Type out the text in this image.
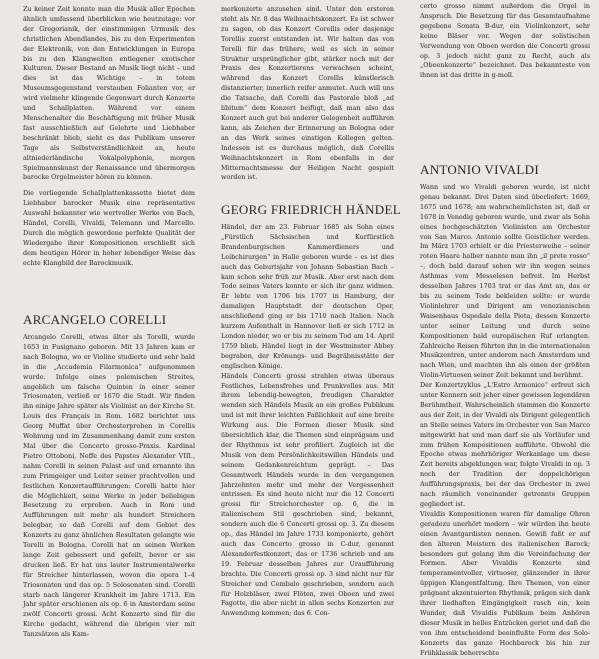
Zu keiner Zeit konnte man die Musik aller Epochen ähnlich umfassend überblicken wie heutzutage: vor der Gregorianik, der einstimmigen Urmusik des christlichen Abendlandes, bis zu den Experimenten der Elektronik, von den Entwicklungen in Europa bis zu den Klangwelten entlegener exotischer Kulturen. Dieser Bestand an Musik liegt nicht – und dies ist das Wichtige – in totem Museumsgegenstand verstauben Folianten vor, er wird vielmehr klingende Gegenwart durch Konzerte und Schallplatten. Während vor einem Menschenalter die Beschäftigung mit früher Musik fast ausschließlich auf Gelehrte und Liebhaber beschränkt blieb, sieht es das Publikum unserer Tage als Selbstverständlichkeit an, heute altniederländische Vokalpolyphonie, morgen Spielmannskunst der Renaissance und übermorgen barocke Orgelmeister hören zu können.

Die vorliegende Schallplattenkassette bietet dem Liebhaber barocker Musik eine repräsentative Auswahl bekannter wie wertvoller Werke von Bach, Händel, Corelli, Vivaldi, Telemann und Marcello. Durch die möglich gewordene perfekte Qualität der Wiedergabe ihrer Kompositionen erschließt sich dem heutigen Hörer in hoher lebendiger Weise das echte Klangbild der Barockmusik.

ARCANGELO CORELLI

Arcangelo Corelli, etwas älter als Torelli, wurde 1653 in Fusignano geboren. Mit 13 Jahren kam er nach Bologna, wo er Violine studierte und sehr bald in die „Accademia Filarmonica“ aufgenommen wurde. Infolge eines polemischen Streites, angeblich um falsche Quinten in einer seiner Triosonaten, verließ er 1670 die Stadt. Wir finden ihn einige Jahre später als Violinist an der Kirche St. Louis des Français in Rom. 1682 berichtet uns Georg Muffat über Orchesterproben in Corellis Wohnung und im Zusammenhang damit zum ersten Mal über die Concerto grosso-Praxis. Kardinal Pietro Ottoboni, Neffe des Papstes Alexander VIII., nahm Corelli in seinen Palast auf und ernannte ihn zum Primgeiger und Leiter seiner prachtvollen und festlichen Konzertaufführungen: Corelli hatte hier die Möglichkeit, seine Werke in jeder beliebigen Besetzung zu erproben. Auch in Rom und Aufführungen mit mehr als hundert Streichern belegbar, so daß Corelli auf dem Gebiet des Konzerts zu ganz ähnlichen Resultaten gelangte wie Torelli in Bologna. Corelli hat an seinen Werken lange Zeit gebessert und gefeilt, bevor er sie drucken ließ. Er hat uns lauter Instrumentalwerke für Streicher hinterlassen, wovon die opera 1–4 Triosonaten und das op. 5 Solosonaten sind. Corelli starb nach längerer Krankheit im Jahre 1713. Ein Jahr später erschienen als op. 6 in Amsterdam seine zwölf Concerti grossi. Acht Konzerte sind für die Kirche gedacht, während die übrigen vier mit Tanzsätzen als Kam-

merkonzerte anzusehen sind. Unter den ersteren steht als Nr. 8 das Weihnachtskonzert. Es ist schwer zu sagen, ob das Konzert Corellis oder dasjenige Torellis zuerst entstanden ist. Wir halten das von Torelli für das frühere, weil es sich in seiner Struktur ursprünglicher gibt, stärker noch mit der Praxis des Konzertierens verwachsen scheint, während das Konzert Corellis künstlerisch distanzierter, innerlich reifer anmutet. Auch will uns die Tatsache, daß Corelli das Pastorale bloß „ad libitum“ dem Konzert beifügt, daß man also das Konzert auch gut bei anderer Gelegenheit aufführen kann, als Zeichen der Erinnerung an Bologna oder an das Werk seines einstigen Kollegen gelten. Indessen ist es durchaus möglich, daß Corellis Weihnachtskonzert in Rom ebenfalls in der Mitternachtsmesse der Heiligen Nacht gespielt worden ist.

GEORG FRIEDRICH HÄNDEL

Händel, der am 23. Februar 1685 als Sohn eines „Fürstlich Sächsischen und Kurfürstlich Brandenburgischen Kammerdieners und Leibchirurgen“ in Halle geboren wurde – es ist dies auch das Geburtsjahr von Johann Sebastian Bach – kam schon sehr früh zur Musik. Aber erst nach dem Tode seines Vaters konnte er sich ihr ganz widmen. Er lebte von 1706 bis 1707 in Hamburg, der damaligen Hauptstadt der deutschen Oper, anschließend ging er bis 1710 nach Italien. Nach kurzem Aufenthalt in Hannover ließ er sich 1712 in London nieder, wo er bis zu seinem Tod am 14. April 1759 blieb. Händel liegt in der Westminster Abbey begraben, der Krönungs- und Begräbnisstätte der englischen Könige.
Händels Concerti grossi strahlen etwas überaus Festliches, Lebensfrohes und Prunkvolles aus. Mit ihrem lebendig-bewegten, freudigen Charakter wenden sich Händels Musik an ein großes Publikum und ist mit ihrer leichten Faßlichkeit auf eine breite Wirkung aus. Die Formen dieser Musik sind übersichtlich klar, die Themen sind einprägsam und der Rhythmus ist sehr profiliert. Zugleich ist die Musik von dem Persönlichkeitswillen Händels und seinem Gedankenreichtum geprägt. – Das Gesamtwerk Händels wurde in den vergangenen Jahrzehnten mehr und mehr der Vergessenheit entrissen. Es sind heute nicht nur die 12 Concerti grossi für Streichorchester op. 6, die in italienischem Stil geschrieben sind, bekannt, sondern auch die 6 Concerti grossi op. 3. Zu diesem op., das Händel im Jahre 1733 komponierte, gehört auch das Concerto grosso in C-dur, genannt Alexanderfestkonzert, das er 1736 schrieb und am 19. Februar desselben Jahres zur Uraufführung brachte. Die Concerti grossi op. 3 sind nicht nur für Streicher und Cembalo geschrieben, sondern auch für Holzbläser, zwei Flöten, zwei Oboen und zwei Fagotte, die aber nicht in allen sechs Konzerten zur Anwendung kommen; das 6. Con-

certo grosso nimmt außerdem die Orgel in Anspruch. Die Besetzung für das Gesamtaufnahme gegebene Sonata B-dur, ein Violinkonzert, sehr keine Bläser vor. Wegen der solistischen Verwendung von Oboen werden die Concerti grossi op. 3 jedoch nicht ganz zu Recht, auch als „Oboenkonzerte“ bezeichnet. Das bekannteste von ihnen ist das dritte in g-moll.

ANTONIO VIVALDI

Wann und wo Vivaldi geboren wurde, ist nicht genau bekannt. Drei Daten sind überliefert: 1669, 1675 und 1678; am wahrscheinlichsten ist, daß er 1678 in Venedig geboren wurde, und zwar als Sohn eines hochgeschätzten Violinisten am Orchester von San Marco. Antonio sollte Geistlicher werden. Im März 1703 erhielt er die Priesterweihe – seiner roten Haare halber nannte man ihn „il prete rosso“ –, doch bald darauf sehen wir ihn wegen seines Asthmas vom Messelesen befreit. Im Herbst desselben Jahres 1703 trat er das Amt an, das er bis zu seinem Tode bekleiden sollte: er wurde Violinlehrer und Dirigent am venezianischen Waisenhaus Ospedale della Pieta, dessen Konzerte unter seiner Leitung und durch seine Kompositionen bald europäischen Ruf erlangten. Zahlreiche Reisen führten ihn in die internationalen Musikzentren, unter anderem nach Amsterdam und nach Wien, und machten ihn als einen der größten Violin-Virtuosen seiner Zeit bekannt und berühmt.
Der Konzertzyklus „L'Estro Armonico“ erfreut sich unter Kennern seit jeher einer gewissen legendären Berühmtheit. Wahrscheinlich stammen die Konzerte aus der Zeit, in der Vivaldi als Dirigent gelegentlich an Stelle seines Vaters im Orchester von San Marco mitgewirkt hat und man darf sie als Vorläufer und zum frühen Kompositionen aufführte. Obwohl die Epoche etwas mehrhöriger Werkanlage um diese Zeit bereits abgeklungen war, folgte Vivaldi in op. 3 noch der Tradition der doppelchörigen Aufführungspraxis, bei der das Orchester in zwei nach räumlich voneinander getrennte Gruppen gegliedert ist.
Vivaldis Kompositionen waren für damalige Ohren geradezu unerhört modern – wir würden ihn heute einen Avantgardisten nennen. Gewiß fußt er auf den älteren Meistern des italienischen Barock; besonders gut gelang ihm die Vereinfachung der Formen. Aber Vivaldis Konzerte sind temperamentvoller, virtuoser, glänzender in ihrer üppigen Klangentfaltung. Ihre Themen, von einer prägnant akzentuierten Rhythmik, prägen sich dank ihrer liedhaften Eingängigkeit rasch ein, kein Wunder, daß Vivaldis Publikum beim Anhören dieser Musik in helles Entzücken geriet und daß die von ihm entscheidend beeinflußte Form des Solo-Konzerts das ganze Hochbarock bis hin zur Frühklassik beherrschte
